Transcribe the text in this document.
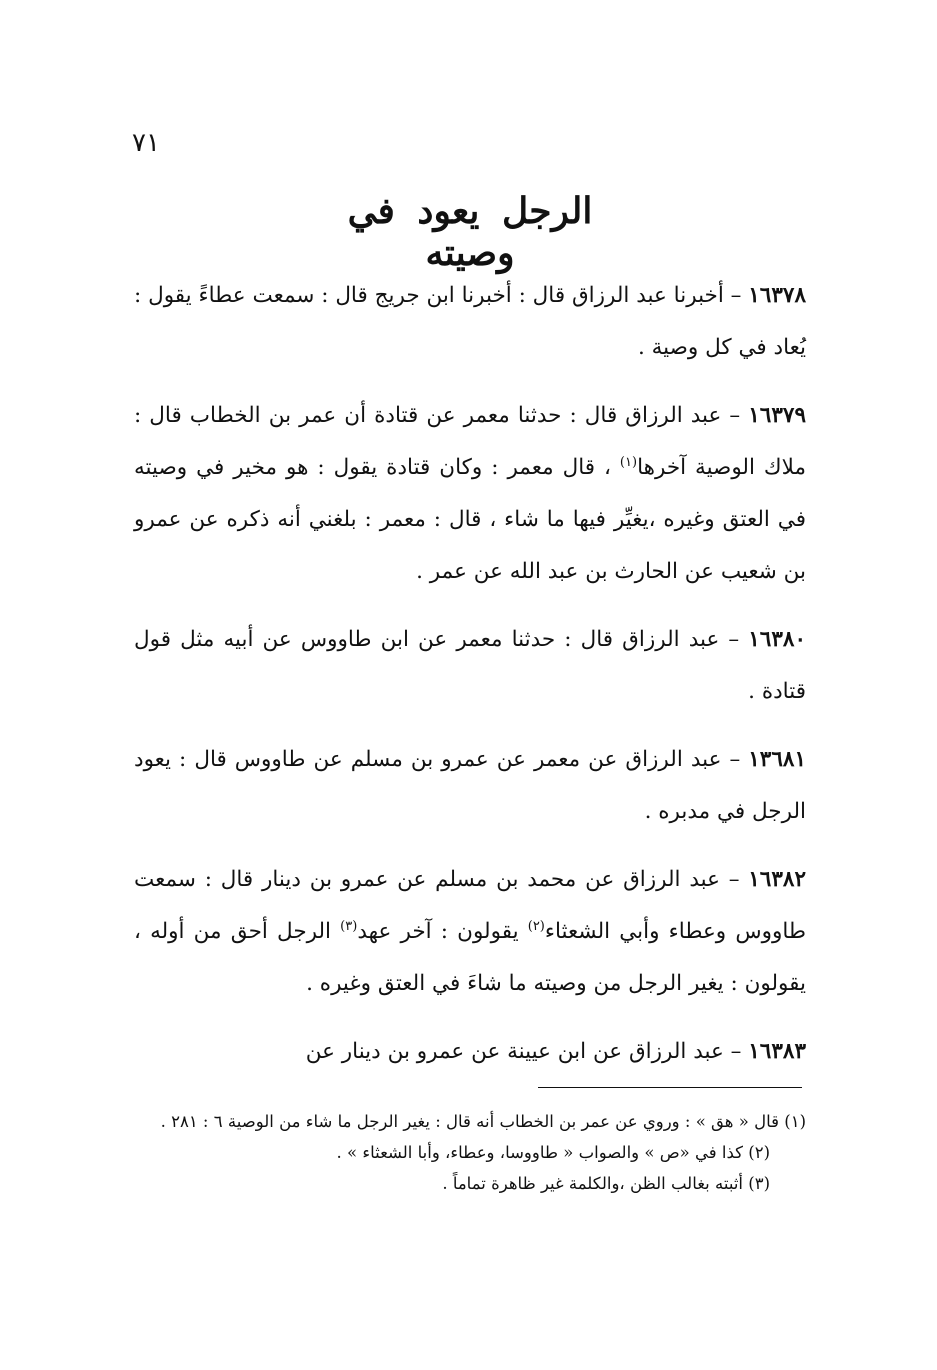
٧١
الرجل يعود في وصيته

١٦٣٧٨ – أخبرنا عبد الرزاق قال : أخبرنا ابن جريج قال : سمعت عطاءً يقول : يُعاد في كل وصية .

١٦٣٧٩ – عبد الرزاق قال : حدثنا معمر عن قتادة أن عمر بن الخطاب قال : ملاك الوصية آخرها$^{(١)}$ ، قال معمر : وكان قتادة يقول : هو مخير في وصيته في العتق وغيره ،يغيِّر فيها ما شاء ، قال : معمر : بلغني أنه ذكره عن عمرو بن شعيب عن الحارث بن عبد الله عن عمر .

١٦٣٨٠ – عبد الرزاق قال : حدثنا معمر عن ابن طاووس عن أبيه مثل قول قتادة .

١٣٦٨١ – عبد الرزاق عن معمر عن عمرو بن مسلم عن طاووس قال : يعود الرجل في مدبره .

١٦٣٨٢ – عبد الرزاق عن محمد بن مسلم عن عمرو بن دينار قال : سمعت طاووس وعطاء وأبي الشعثاء$^{(٢)}$ يقولون : آخر عهد$^{(٣)}$ الرجل أحق من أوله ، يقولون : يغير الرجل من وصيته ما شاءَ في العتق وغيره .

١٦٣٨٣ – عبد الرزاق عن ابن عيينة عن عمرو بن دينار عن

(١) قال « هق » : وروي عن عمر بن الخطاب أنه قال : يغير الرجل ما شاء من الوصية ٦ : ٢٨١ .

(٢) كذا في «ص » والصواب « طاووسا، وعطاء، وأبا الشعثاء » .

(٣) أثبته بغالب الظن ،والكلمة غير ظاهرة تماماً .
